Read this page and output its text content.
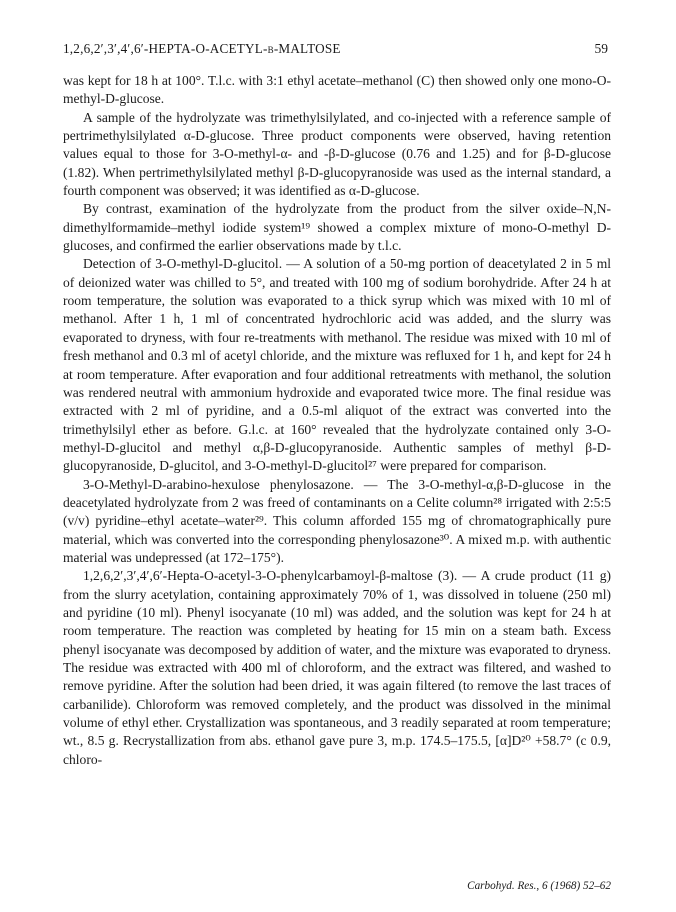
1,2,6,2′,3′,4′,6′-HEPTA-O-ACETYL-β-MALTOSE	59

was kept for 18 h at 100°. T.l.c. with 3:1 ethyl acetate–methanol (C) then showed only one mono-O-methyl-D-glucose.

A sample of the hydrolyzate was trimethylsilylated, and co-injected with a reference sample of pertrimethylsilylated α-D-glucose. Three product components were observed, having retention values equal to those for 3-O-methyl-α- and -β-D-glucose (0.76 and 1.25) and for β-D-glucose (1.82). When pertrimethylsilylated methyl β-D-glucopyranoside was used as the internal standard, a fourth component was observed; it was identified as α-D-glucose.

By contrast, examination of the hydrolyzate from the product from the silver oxide–N,N-dimethylformamide–methyl iodide system¹⁹ showed a complex mixture of mono-O-methyl D-glucoses, and confirmed the earlier observations made by t.l.c.

Detection of 3-O-methyl-D-glucitol. — A solution of a 50-mg portion of deacetylated 2 in 5 ml of deionized water was chilled to 5°, and treated with 100 mg of sodium borohydride. After 24 h at room temperature, the solution was evaporated to a thick syrup which was mixed with 10 ml of methanol. After 1 h, 1 ml of concentrated hydrochloric acid was added, and the slurry was evaporated to dryness, with four re-treatments with methanol. The residue was mixed with 10 ml of fresh methanol and 0.3 ml of acetyl chloride, and the mixture was refluxed for 1 h, and kept for 24 h at room temperature. After evaporation and four additional retreatments with methanol, the solution was rendered neutral with ammonium hydroxide and evaporated twice more. The final residue was extracted with 2 ml of pyridine, and a 0.5-ml aliquot of the extract was converted into the trimethylsilyl ether as before. G.l.c. at 160° revealed that the hydrolyzate contained only 3-O-methyl-D-glucitol and methyl α,β-D-glucopyranoside. Authentic samples of methyl β-D-glucopyranoside, D-glucitol, and 3-O-methyl-D-glucitol²⁷ were prepared for comparison.

3-O-Methyl-D-arabino-hexulose phenylosazone. — The 3-O-methyl-α,β-D-glucose in the deacetylated hydrolyzate from 2 was freed of contaminants on a Celite column²⁸ irrigated with 2:5:5 (v/v) pyridine–ethyl acetate–water²⁹. This column afforded 155 mg of chromatographically pure material, which was converted into the corresponding phenylosazone³⁰. A mixed m.p. with authentic material was undepressed (at 172–175°).

1,2,6,2′,3′,4′,6′-Hepta-O-acetyl-3-O-phenylcarbamoyl-β-maltose (3). — A crude product (11 g) from the slurry acetylation, containing approximately 70% of 1, was dissolved in toluene (250 ml) and pyridine (10 ml). Phenyl isocyanate (10 ml) was added, and the solution was kept for 24 h at room temperature. The reaction was completed by heating for 15 min on a steam bath. Excess phenyl isocyanate was decomposed by addition of water, and the mixture was evaporated to dryness. The residue was extracted with 400 ml of chloroform, and the extract was filtered, and washed to remove pyridine. After the solution had been dried, it was again filtered (to remove the last traces of carbanilide). Chloroform was removed completely, and the product was dissolved in the minimal volume of ethyl ether. Crystallization was spontaneous, and 3 readily separated at room temperature; wt., 8.5 g. Recrystallization from abs. ethanol gave pure 3, m.p. 174.5–175.5, [α]D²⁰ +58.7° (c 0.9, chloro-

Carbohyd. Res., 6 (1968) 52–62
